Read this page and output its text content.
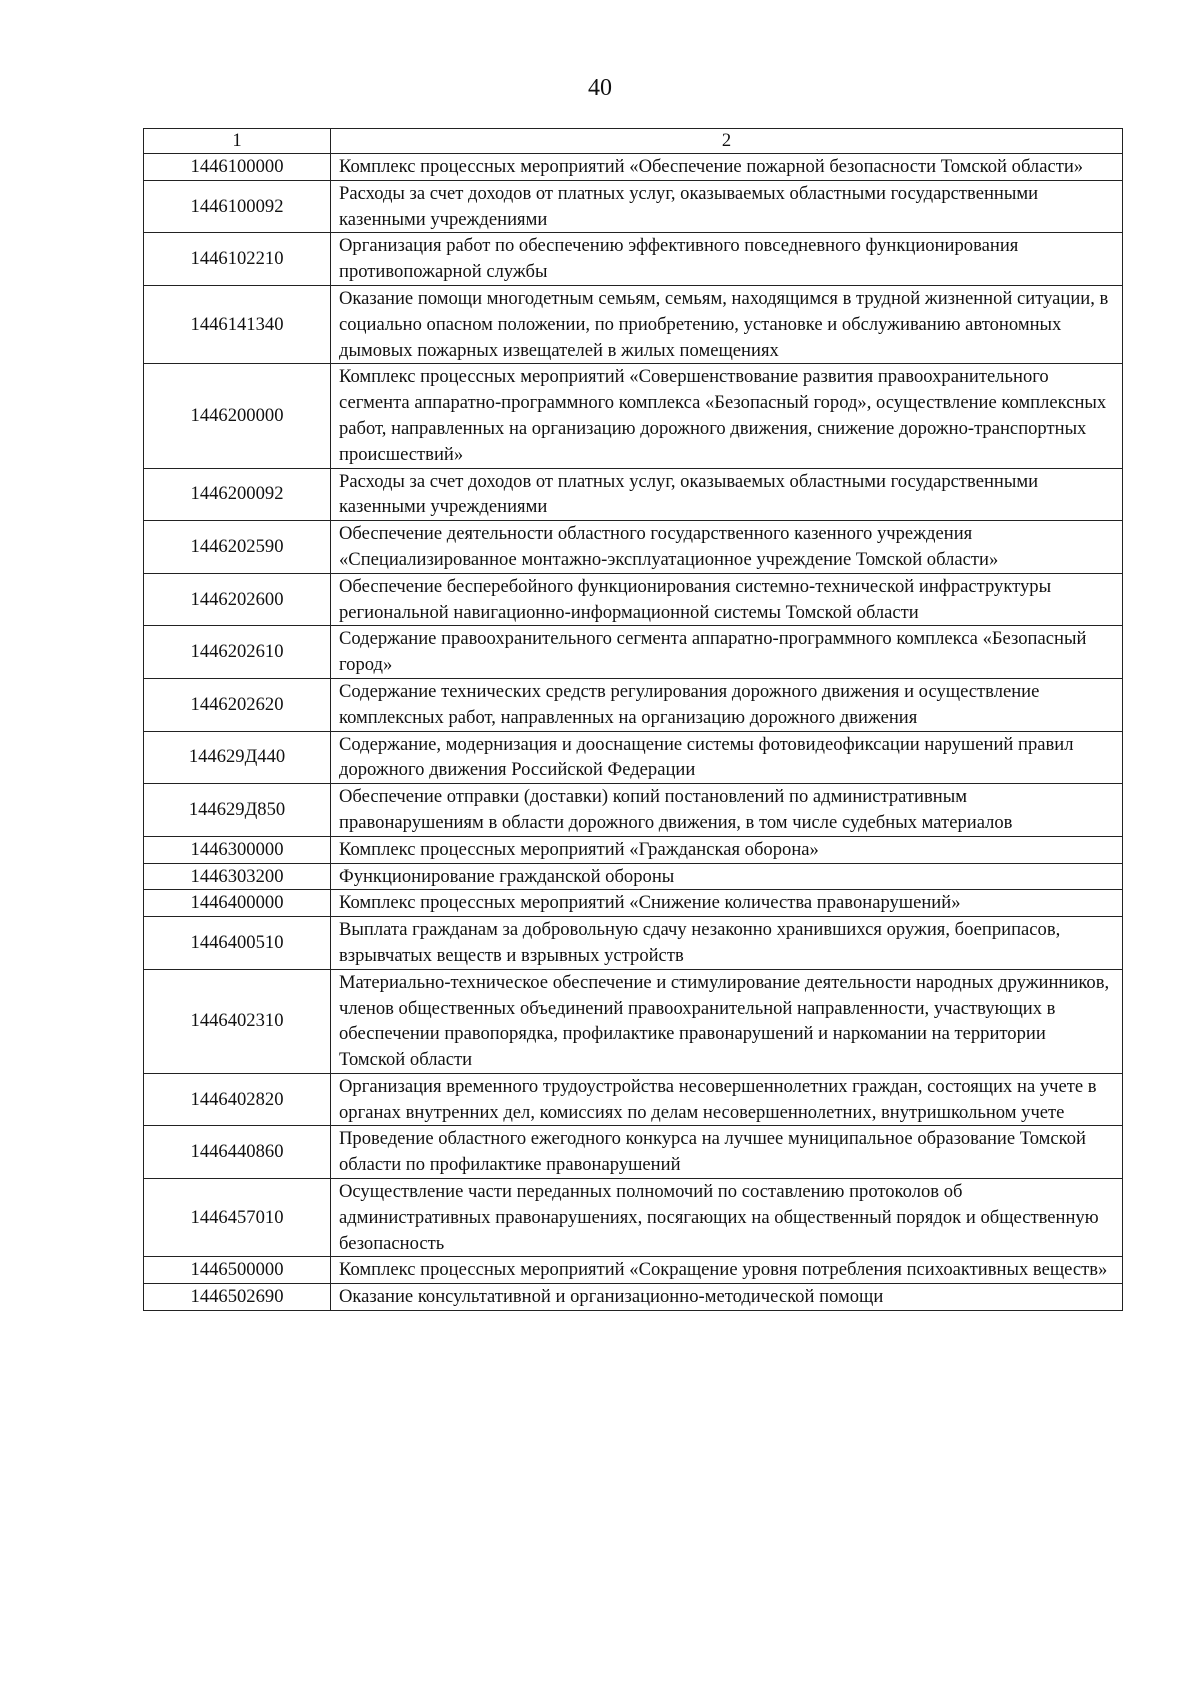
40
1	2
1446100000	Комплекс процессных мероприятий «Обеспечение пожарной безопасности Томской области»
1446100092	Расходы за счет доходов от платных услуг, оказываемых областными государственными казенными учреждениями
1446102210	Организация работ по обеспечению эффективного повседневного функционирования противопожарной службы
1446141340	Оказание помощи многодетным семьям, семьям, находящимся в трудной жизненной ситуации, в социально опасном положении, по приобретению, установке и обслуживанию автономных дымовых пожарных извещателей в жилых помещениях
1446200000	Комплекс процессных мероприятий «Совершенствование развития правоохранительного сегмента аппаратно-программного комплекса «Безопасный город», осуществление комплексных работ, направленных на организацию дорожного движения, снижение дорожно-транспортных происшествий»
1446200092	Расходы за счет доходов от платных услуг, оказываемых областными государственными казенными учреждениями
1446202590	Обеспечение деятельности областного государственного казенного учреждения «Специализированное монтажно-эксплуатационное учреждение Томской области»
1446202600	Обеспечение бесперебойного функционирования системно-технической инфраструктуры региональной навигационно-информационной системы Томской области
1446202610	Содержание правоохранительного сегмента аппаратно-программного комплекса «Безопасный город»
1446202620	Содержание технических средств регулирования дорожного движения и осуществление комплексных работ, направленных на организацию дорожного движения
144629Д440	Содержание, модернизация и дооснащение системы фотовидеофиксации нарушений правил дорожного движения Российской Федерации
144629Д850	Обеспечение отправки (доставки) копий постановлений по административным правонарушениям в области дорожного движения, в том числе судебных материалов
1446300000	Комплекс процессных мероприятий «Гражданская оборона»
1446303200	Функционирование гражданской обороны
1446400000	Комплекс процессных мероприятий «Снижение количества правонарушений»
1446400510	Выплата гражданам за добровольную сдачу незаконно хранившихся оружия, боеприпасов, взрывчатых веществ и взрывных устройств
1446402310	Материально-техническое обеспечение и стимулирование деятельности народных дружинников, членов общественных объединений правоохранительной направленности, участвующих в обеспечении правопорядка, профилактике правонарушений и наркомании на территории Томской области
1446402820	Организация временного трудоустройства несовершеннолетних граждан, состоящих на учете в органах внутренних дел, комиссиях по делам несовершеннолетних, внутришкольном учете
1446440860	Проведение областного ежегодного конкурса на лучшее муниципальное образование Томской области по профилактике правонарушений
1446457010	Осуществление части переданных полномочий по составлению протоколов об административных правонарушениях, посягающих на общественный порядок и общественную безопасность
1446500000	Комплекс процессных мероприятий «Сокращение уровня потребления психоактивных веществ»
1446502690	Оказание консультативной и организационно-методической помощи
